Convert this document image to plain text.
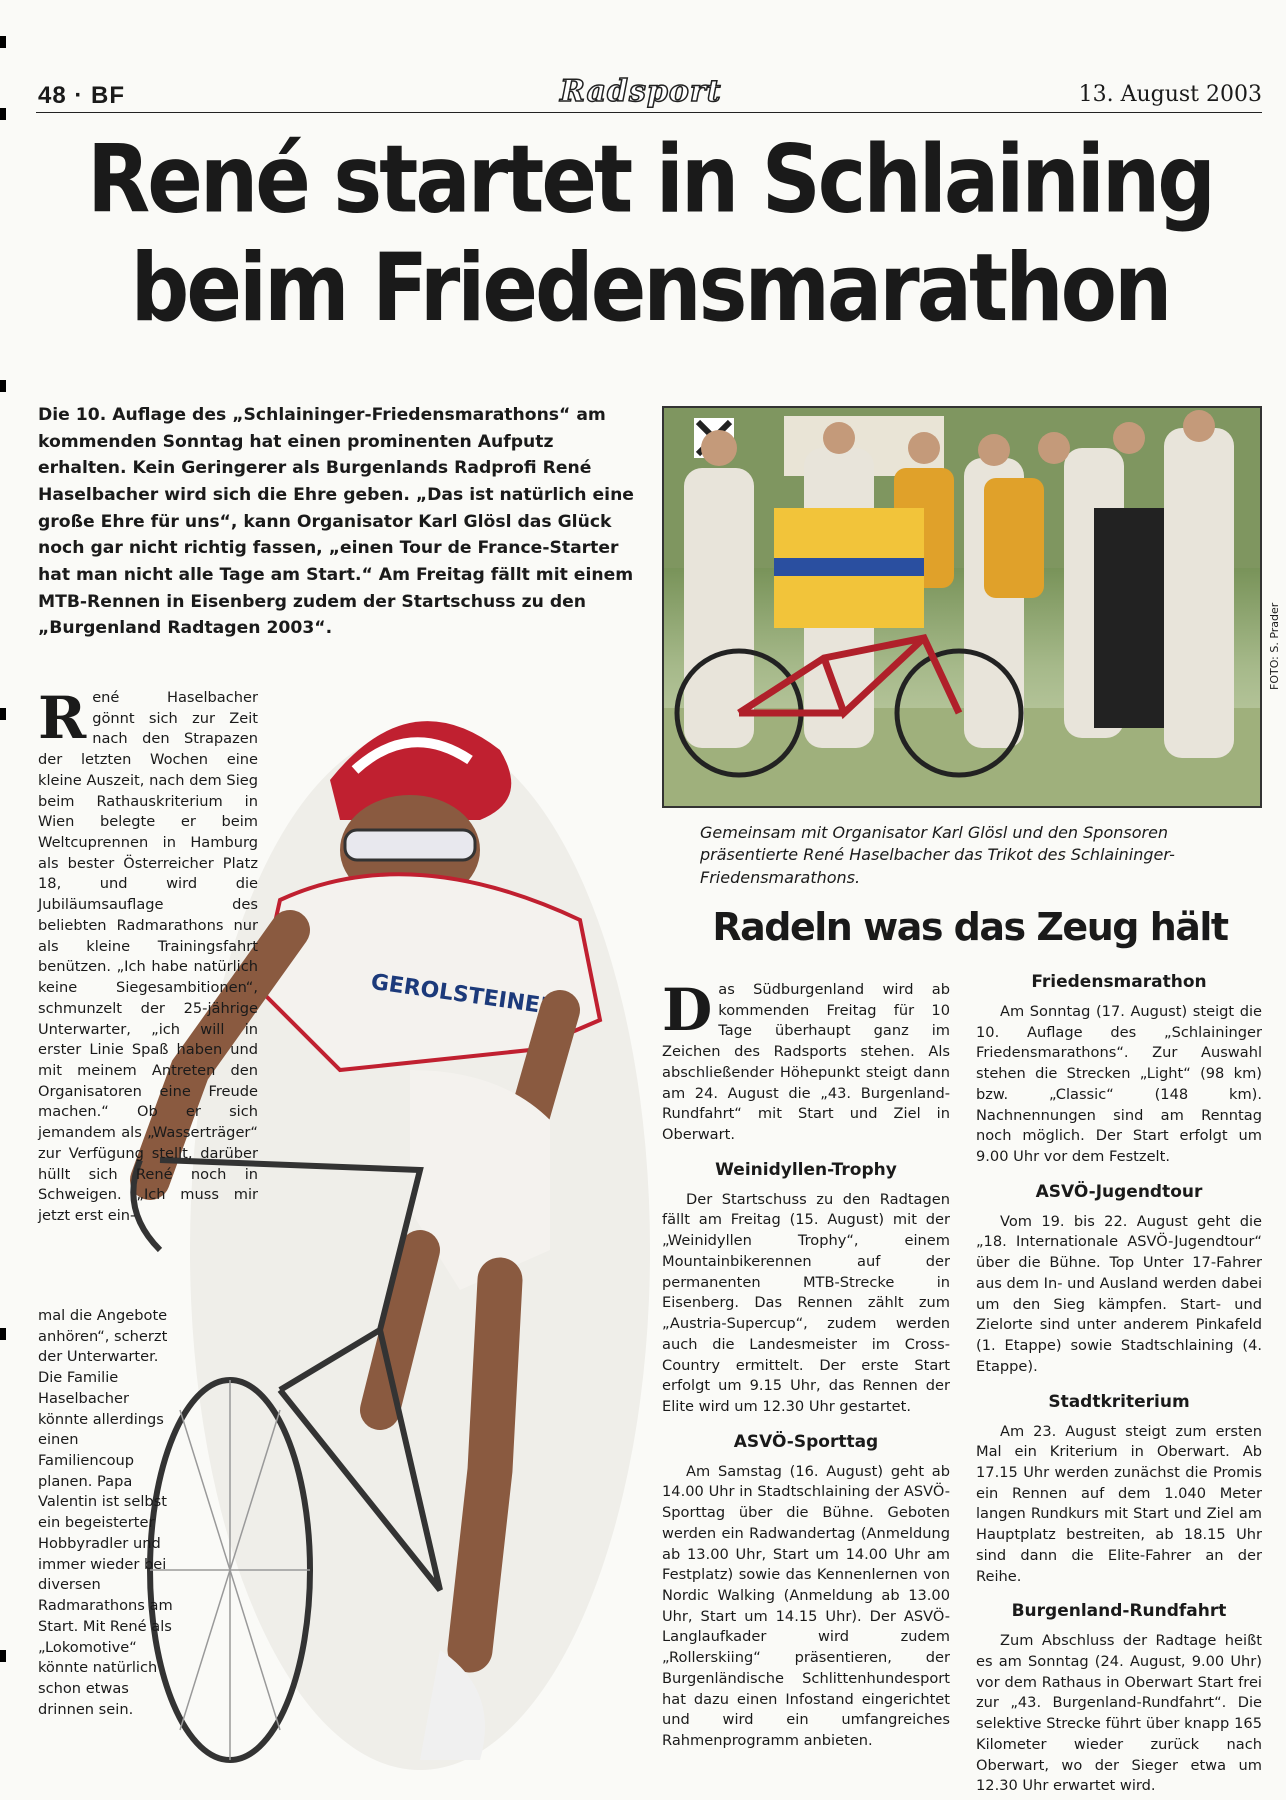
48 · BF	Radsport	13. August 2003
René startet in Schlaining
beim Friedensmarathon
Die 10. Auflage des „Schlaininger-Friedensmarathons“ am kommenden Sonntag hat einen prominenten Aufputz erhalten. Kein Geringerer als Burgenlands Radprofi René Haselbacher wird sich die Ehre geben. „Das ist natürlich eine große Ehre für uns“, kann Organisator Karl Glösl das Glück noch gar nicht richtig fassen, „einen Tour de France-Starter hat man nicht alle Tage am Start.“ Am Freitag fällt mit einem MTB-Rennen in Eisenberg zudem der Startschuss zu den „Burgenland Radtagen 2003“.	FOTO: S. Prader
Gemeinsam mit Organisator Karl Glösl und den Sponsoren präsentierte René Haselbacher das Trikot des Schlaininger-Friedensmarathons.
GEROLSTEINER
R ené Haselbacher gönnt sich zur Zeit nach den Strapazen der letzten Wochen eine kleine Auszeit, nach dem Sieg beim Rathauskriterium in Wien belegte er beim Weltcuprennen in Hamburg als bester Österreicher Platz 18, und wird die Jubiläumsauflage des beliebten Radmarathons nur als kleine Trainingsfahrt benützen. „Ich habe natürlich keine Siegesambitionen“, schmunzelt der 25-jährige Unterwarter, „ich will in erster Linie Spaß haben und mit meinem Antreten den Organisatoren eine Freude machen.“ Ob er sich jemandem als „Wasserträger“ zur Verfügung stellt, darüber hüllt sich René noch in Schweigen. „Ich muss mir jetzt erst ein-
mal die Angebote anhören“, scherzt der Unterwarter. Die Familie Haselbacher könnte allerdings einen Familiencoup planen. Papa Valentin ist selbst ein begeisterter Hobbyradler und immer wieder bei diversen Radmarathons am Start. Mit René als „Lokomotive“ könnte natürlich schon etwas drinnen sein.
Radeln was das Zeug hält

Das Südburgenland wird ab kommenden Freitag für 10 Tage überhaupt ganz im Zeichen des Radsports stehen. Als abschließender Höhepunkt steigt dann am 24. August die „43. Burgenland-Rundfahrt“ mit Start und Ziel in Oberwart.

Weinidyllen-Trophy

Der Startschuss zu den Radtagen fällt am Freitag (15. August) mit der „Weinidyllen Trophy“, einem Mountainbikerennen auf der permanenten MTB-Strecke in Eisenberg. Das Rennen zählt zum „Austria-Supercup“, zudem werden auch die Landesmeister im Cross-Country ermittelt. Der erste Start erfolgt um 9.15 Uhr, das Rennen der Elite wird um 12.30 Uhr gestartet.

ASVÖ-Sporttag

Am Samstag (16. August) geht ab 14.00 Uhr in Stadtschlaining der ASVÖ-Sporttag über die Bühne. Geboten werden ein Radwandertag (Anmeldung ab 13.00 Uhr, Start um 14.00 Uhr am Festplatz) sowie das Kennenlernen von Nordic Walking (Anmeldung ab 13.00 Uhr, Start um 14.15 Uhr). Der ASVÖ-Langlaufkader wird zudem „Rollerskiing“ präsentieren, der Burgenländische Schlittenhundesport hat dazu einen Infostand eingerichtet und wird ein umfangreiches Rahmenprogramm anbieten.

Friedensmarathon

Am Sonntag (17. August) steigt die 10. Auflage des „Schlaininger Friedensmarathons“. Zur Auswahl stehen die Strecken „Light“ (98 km) bzw. „Classic“ (148 km). Nachnennungen sind am Renntag noch möglich. Der Start erfolgt um 9.00 Uhr vor dem Festzelt.

ASVÖ-Jugendtour

Vom 19. bis 22. August geht die „18. Internationale ASVÖ-Jugendtour“ über die Bühne. Top Unter 17-Fahrer aus dem In- und Ausland werden dabei um den Sieg kämpfen. Start- und Zielorte sind unter anderem Pinkafeld (1. Etappe) sowie Stadtschlaining (4. Etappe).

Stadtkriterium

Am 23. August steigt zum ersten Mal ein Kriterium in Oberwart. Ab 17.15 Uhr werden zunächst die Promis ein Rennen auf dem 1.040 Meter langen Rundkurs mit Start und Ziel am Hauptplatz bestreiten, ab 18.15 Uhr sind dann die Elite-Fahrer an der Reihe.

Burgenland-Rundfahrt

Zum Abschluss der Radtage heißt es am Sonntag (24. August, 9.00 Uhr) vor dem Rathaus in Oberwart Start frei zur „43. Burgenland-Rundfahrt“. Die selektive Strecke führt über knapp 165 Kilometer wieder zurück nach Oberwart, wo der Sieger etwa um 12.30 Uhr erwartet wird.
